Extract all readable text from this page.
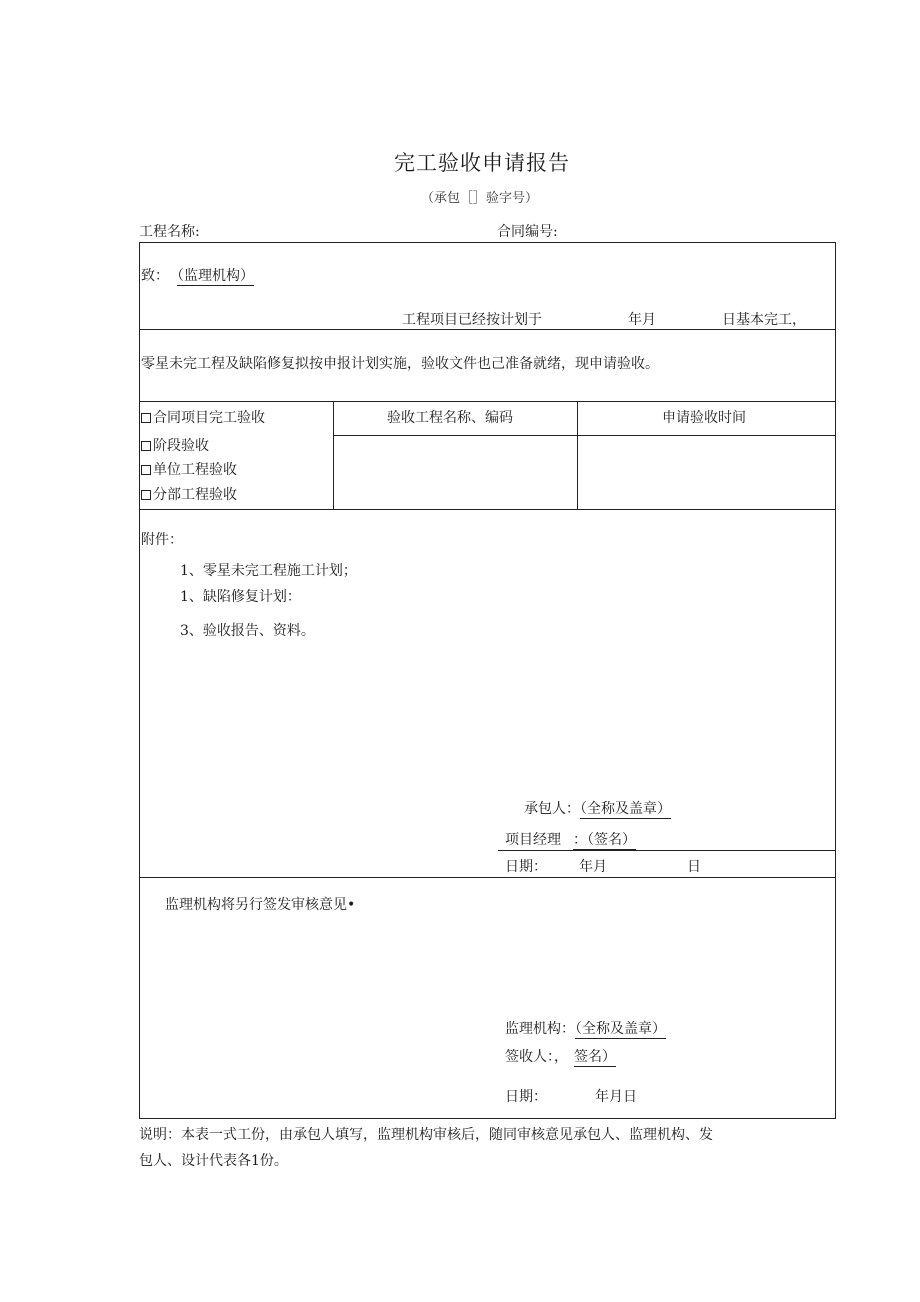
完工验收申请报告
（承包［］验字号）
工程名称:	合同编号:
致： （监理机构）
工程项目已经按计划于	年月	日基本完工，
零星未完工程及缺陷修复拟按申报计划实施，验收文件也己准备就绪，现申请验收。
合同项目完工验收
阶段验收
单位工程验收
分部工程验收
验收工程名称、编码	申请验收时间
附件：
1、零星未完工程施工计划；
1、缺陷修复计划：
3、验收报告、资料。
承包人：（全称及盖章）
项目经理 ：（签名）
日期： 年月	日
监理机构将另行签发审核意见•
监理机构：（全称及盖章）
签收人：， 签名）
日期：	年月日
说明：本表一式工份，由承包人填写，监理机构审核后，随同审核意见承包人、监理机构、发
包人、设计代表各1份。
